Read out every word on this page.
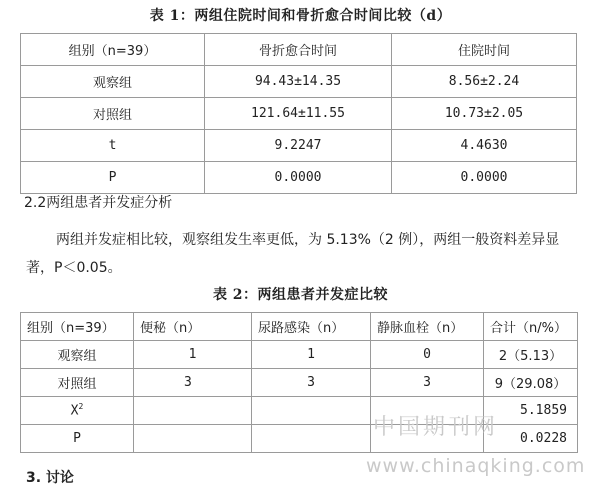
表 1：两组住院时间和骨折愈合时间比较（d）
组别（n=39）	骨折愈合时间	住院时间
观察组	94.43±14.35	8.56±2.24
对照组	121.64±11.55	10.73±2.05
t	9.2247	4.4630
P	0.0000	0.0000
2.2两组患者并发症分析
两组并发症相比较，观察组发生率更低，为 5.13%（2 例），两组一般资料差异显著，P＜0.05。
表 2：两组患者并发症比较
组别（n=39）	便秘（n）	尿路感染（n）	静脉血栓（n）	合计（n/%）
观察组	1	1	0	2（5.13）
对照组	3	3	3	9（29.08）
$X^2$				5.1859
P				0.0228
3. 讨论
中国期刊网
www.chinaqking.com
